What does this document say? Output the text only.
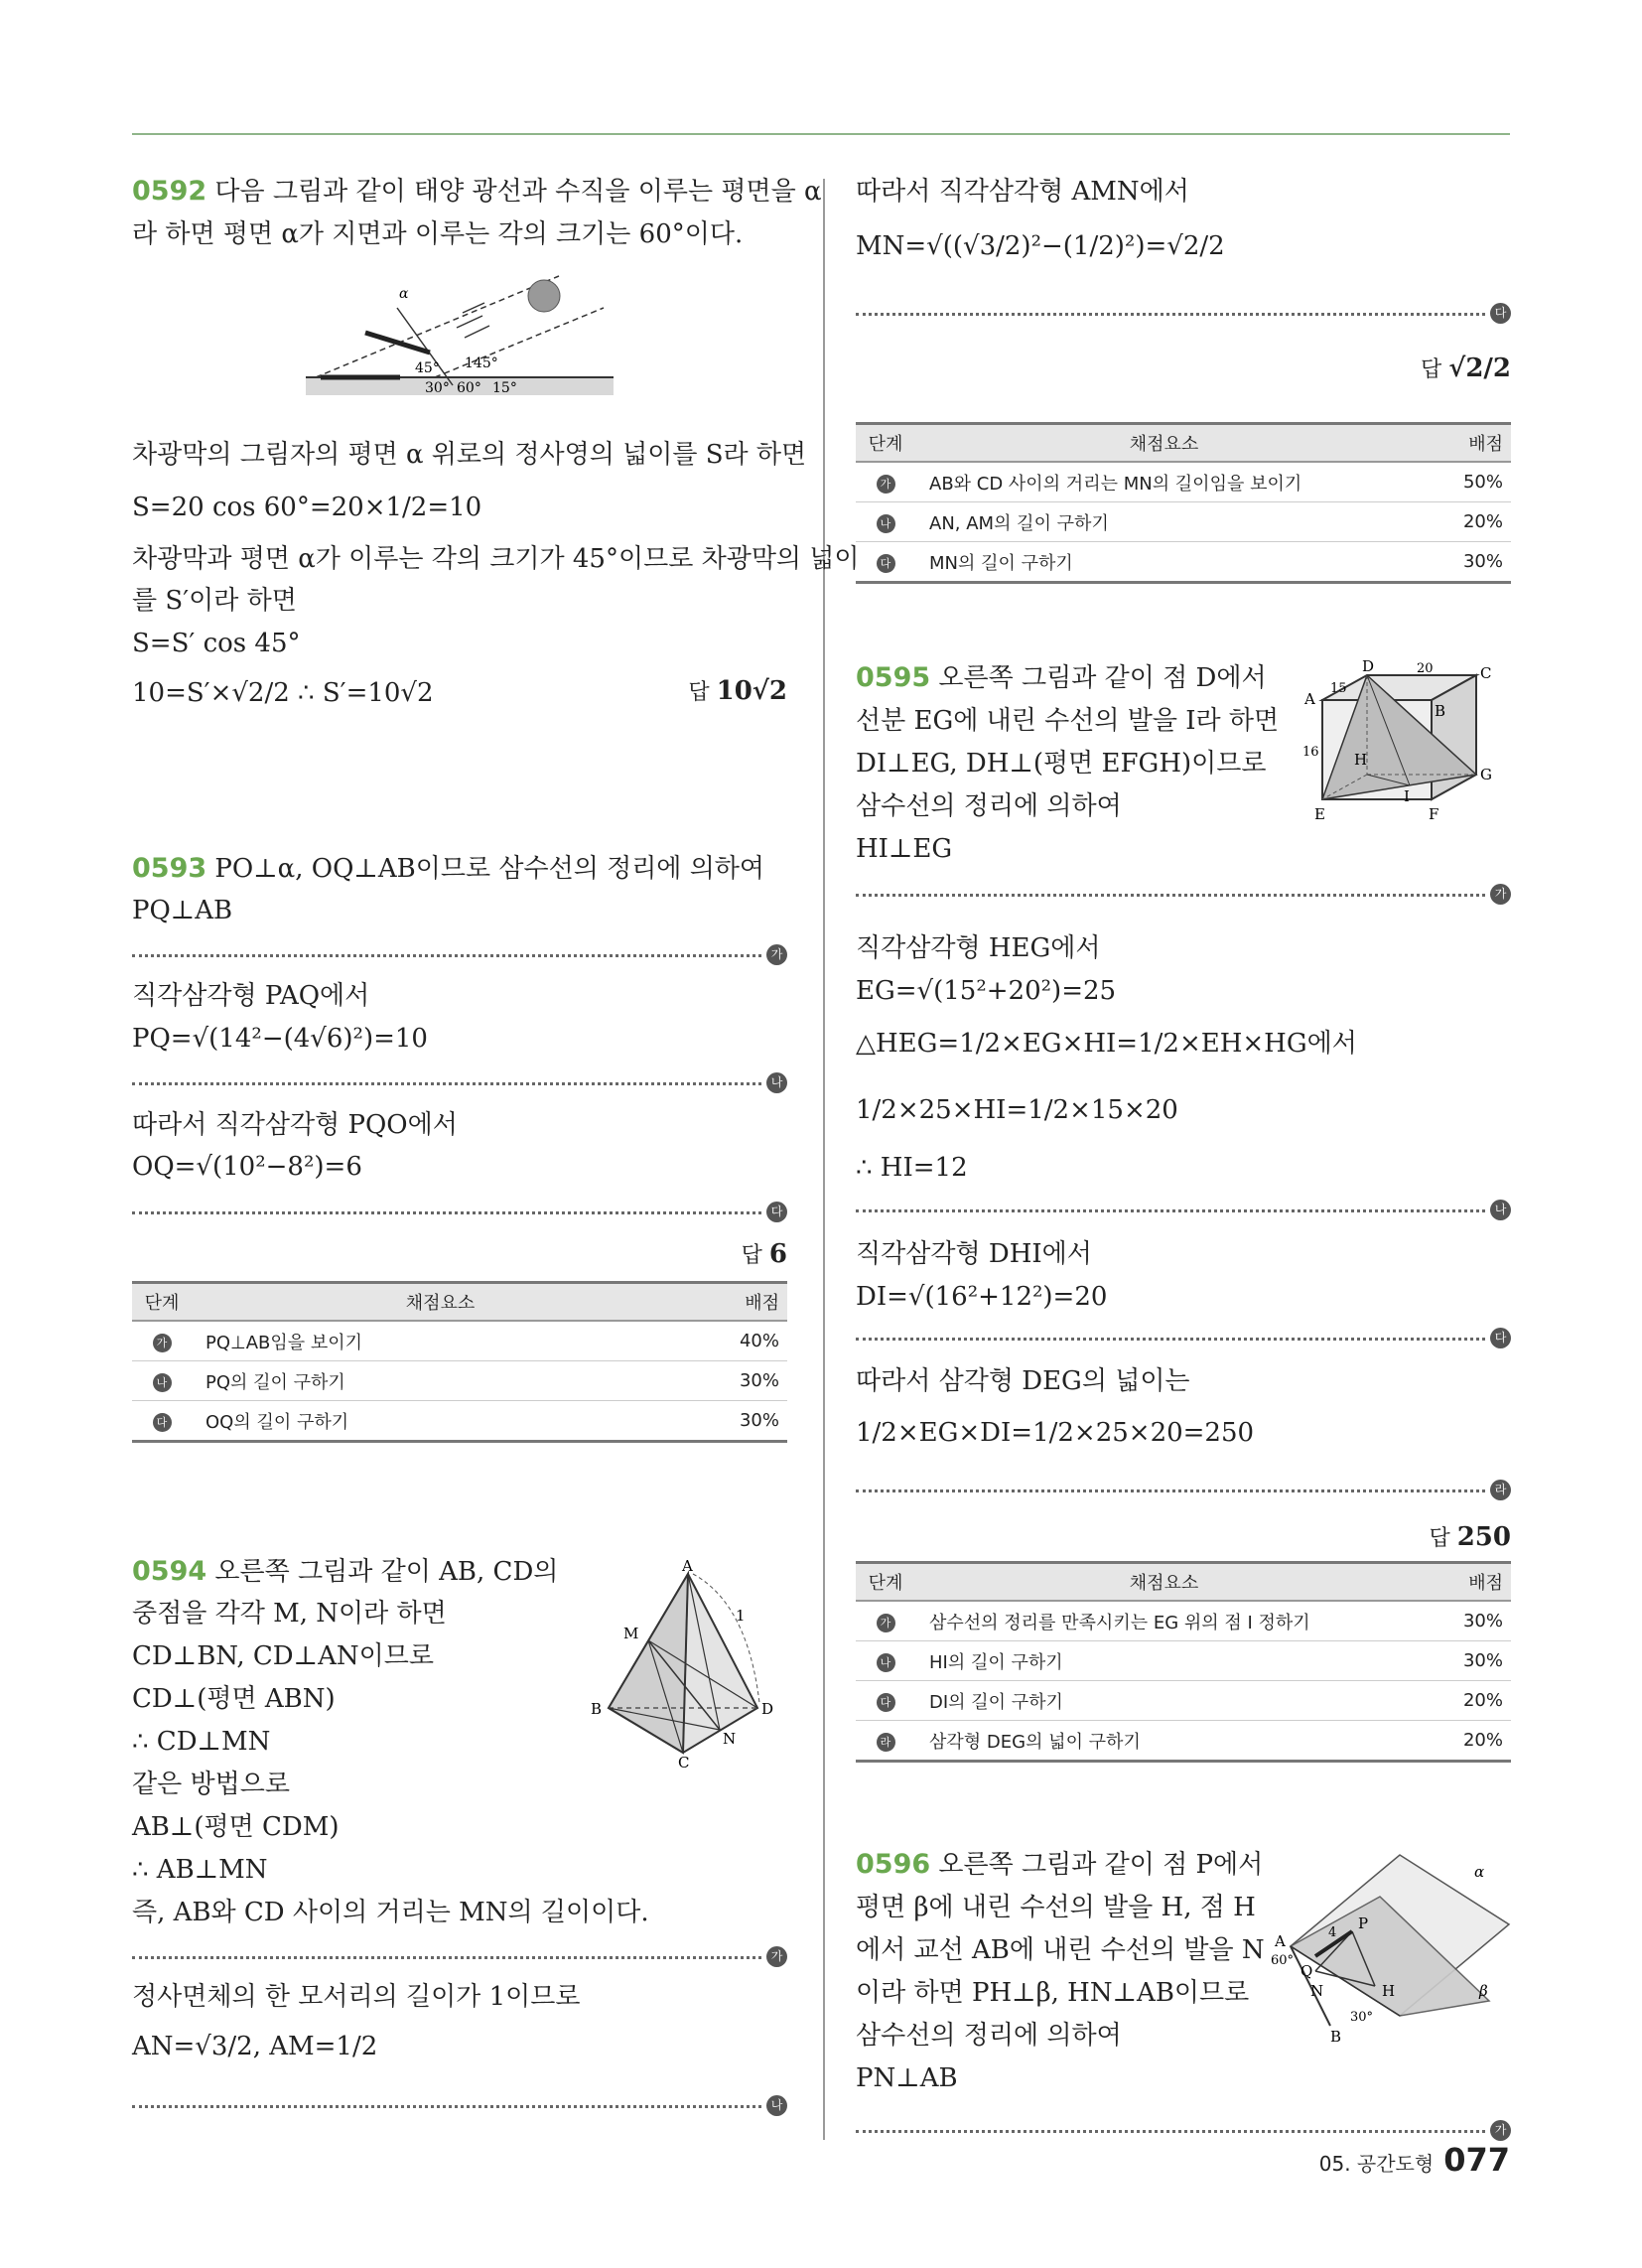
0592 다음 그림과 같이 태양 광선과 수직을 이루는 평면을 α
라 하면 평면 α가 지면과 이루는 각의 크기는 60°이다.
α
45° 145°
30° 60° 15°
차광막의 그림자의 평면 α 위로의 정사영의 넓이를 S라 하면
S=20 cos 60°=20×1/2=10
차광막과 평면 α가 이루는 각의 크기가 45°이므로 차광막의 넓이
를 S′이라 하면
S=S′ cos 45°
10=S′×√2/2 ∴ S′=10√2	답 10√2
0593 PO⊥α, OQ⊥AB이므로 삼수선의 정리에 의하여
PQ⊥AB
가
직각삼각형 PAQ에서
PQ=√(14²−(4√6)²)=10
나
따라서 직각삼각형 PQO에서
OQ=√(10²−8²)=6
다
답 6
단계	채점요소	배점
가	PQ⊥AB임을 보이기	40%
나	PQ의 길이 구하기	30%
다	OQ의 길이 구하기	30%
0594 오른쪽 그림과 같이 AB, CD의
중점을 각각 M, N이라 하면
CD⊥BN, CD⊥AN이므로
CD⊥(평면 ABN)
∴ CD⊥MN
같은 방법으로
AB⊥(평면 CDM)
∴ AB⊥MN
즉, AB와 CD 사이의 거리는 MN의 길이이다.
A
B
C
D
M
N
1
가
정사면체의 한 모서리의 길이가 1이므로
AN=√3/2, AM=1/2
나
따라서 직각삼각형 AMN에서
MN=√((√3/2)²−(1/2)²)=√2/2
다
답 √2/2
단계	채점요소	배점
가	AB와 CD 사이의 거리는 MN의 길이임을 보이기	50%
나	AN, AM의 길이 구하기	20%
다	MN의 길이 구하기	30%
0595 오른쪽 그림과 같이 점 D에서
선분 EG에 내린 수선의 발을 I라 하면
DI⊥EG, DH⊥(평면 EFGH)이므로
삼수선의 정리에 의하여
HI⊥EG
A
B
C
D
E	F
G
H
I
15
20
16
가
직각삼각형 HEG에서
EG=√(15²+20²)=25
△HEG=1/2×EG×HI=1/2×EH×HG에서
1/2×25×HI=1/2×15×20
∴ HI=12
나
직각삼각형 DHI에서
DI=√(16²+12²)=20
다
따라서 삼각형 DEG의 넓이는
1/2×EG×DI=1/2×25×20=250
라
답 250
단계	채점요소	배점
가	삼수선의 정리를 만족시키는 EG 위의 점 I 정하기	30%
나	HI의 길이 구하기	30%
다	DI의 길이 구하기	20%
라	삼각형 DEG의 넓이 구하기	20%
0596 오른쪽 그림과 같이 점 P에서
평면 β에 내린 수선의 발을 H, 점 H
에서 교선 AB에 내린 수선의 발을 N
이라 하면 PH⊥β, HN⊥AB이므로
삼수선의 정리에 의하여
PN⊥AB
α
β
A
B
P
Q
N	H
4
60°
30°
가
05. 공간도형 077
